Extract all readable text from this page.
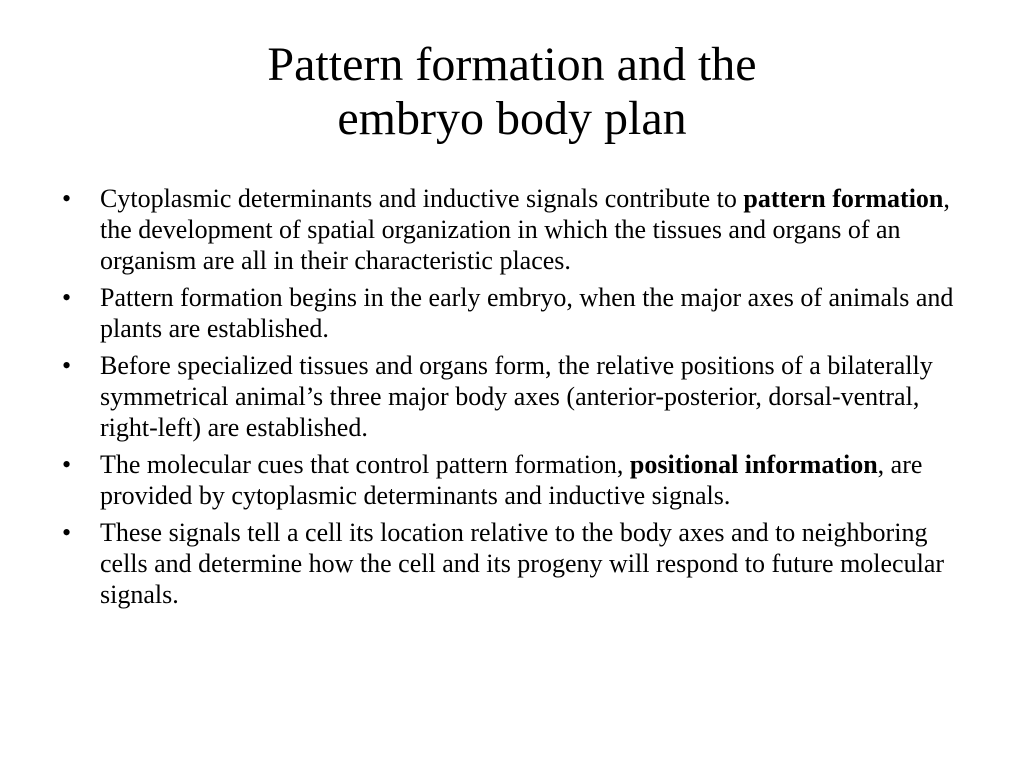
Pattern formation and the
embryo body plan
•	Cytoplasmic determinants and inductive signals contribute to pattern formation, the development of spatial organization in which the tissues and organs of an organism are all in their characteristic places.
•	Pattern formation begins in the early embryo, when the major axes of animals and plants are established.
•	Before specialized tissues and organs form, the relative positions of a bilaterally symmetrical animal’s three major body axes (anterior-posterior, dorsal-ventral, right-left) are established.
•	The molecular cues that control pattern formation, positional information, are provided by cytoplasmic determinants and inductive signals.
•	These signals tell a cell its location relative to the body axes and to neighboring cells and determine how the cell and its progeny will respond to future molecular signals.
